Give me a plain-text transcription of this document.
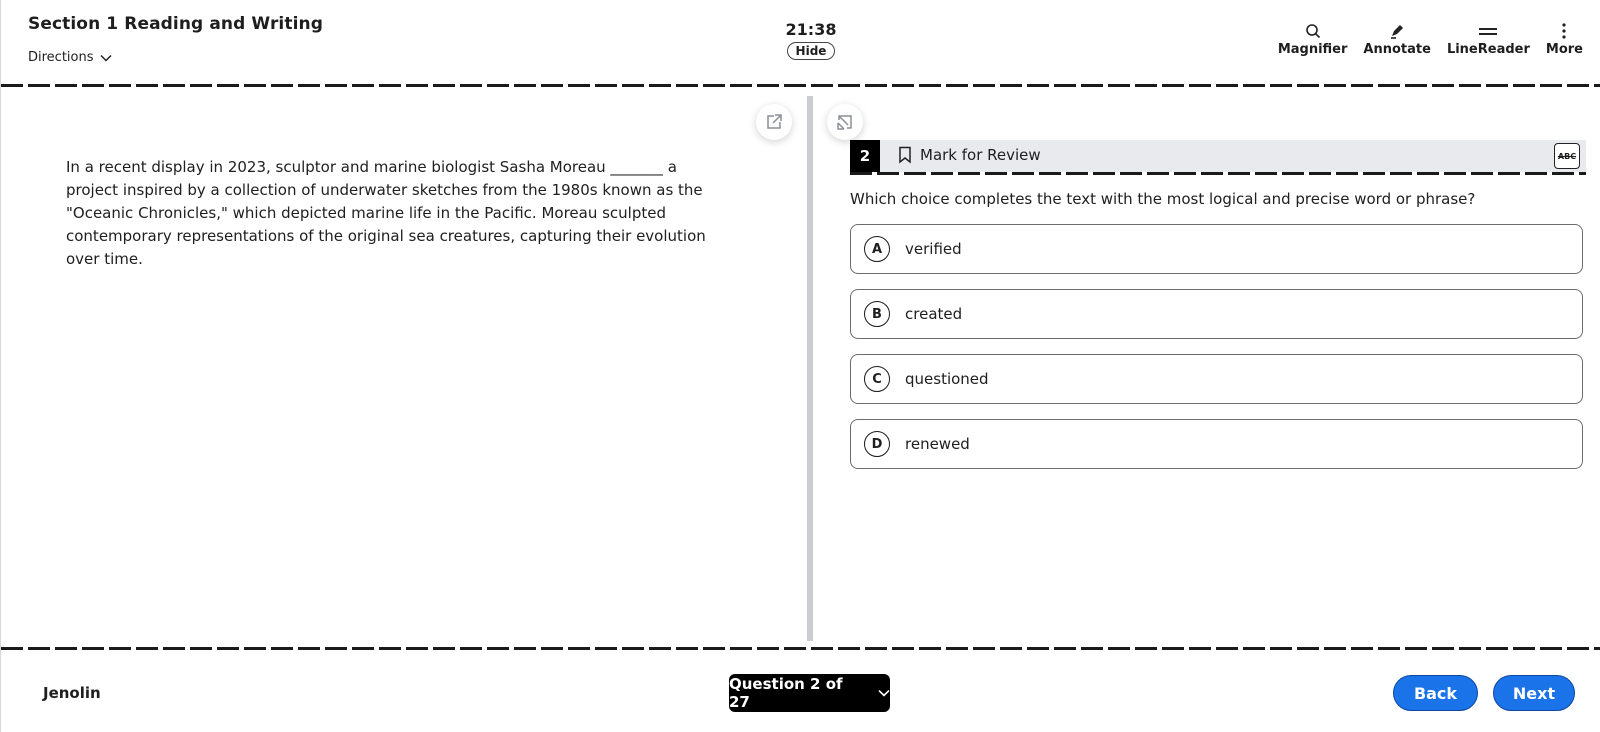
Section 1 Reading and Writing
Directions
21:38
Hide	Magnifier Annotate LineReader More

In a recent display in 2023, sculptor and marine biologist Sasha Moreau _______ a project inspired by a collection of underwater sketches from the 1980s known as the "Oceanic Chronicles," which depicted marine life in the Pacific. Moreau sculpted contemporary representations of the original sea creatures, capturing their evolution over time.

2	Mark for Review	ABC
Which choice completes the text with the most logical and precise word or phrase?
A	verified
B	created
C	questioned
D	renewed
Jenolin	Question 2 of 27	Back	Next
